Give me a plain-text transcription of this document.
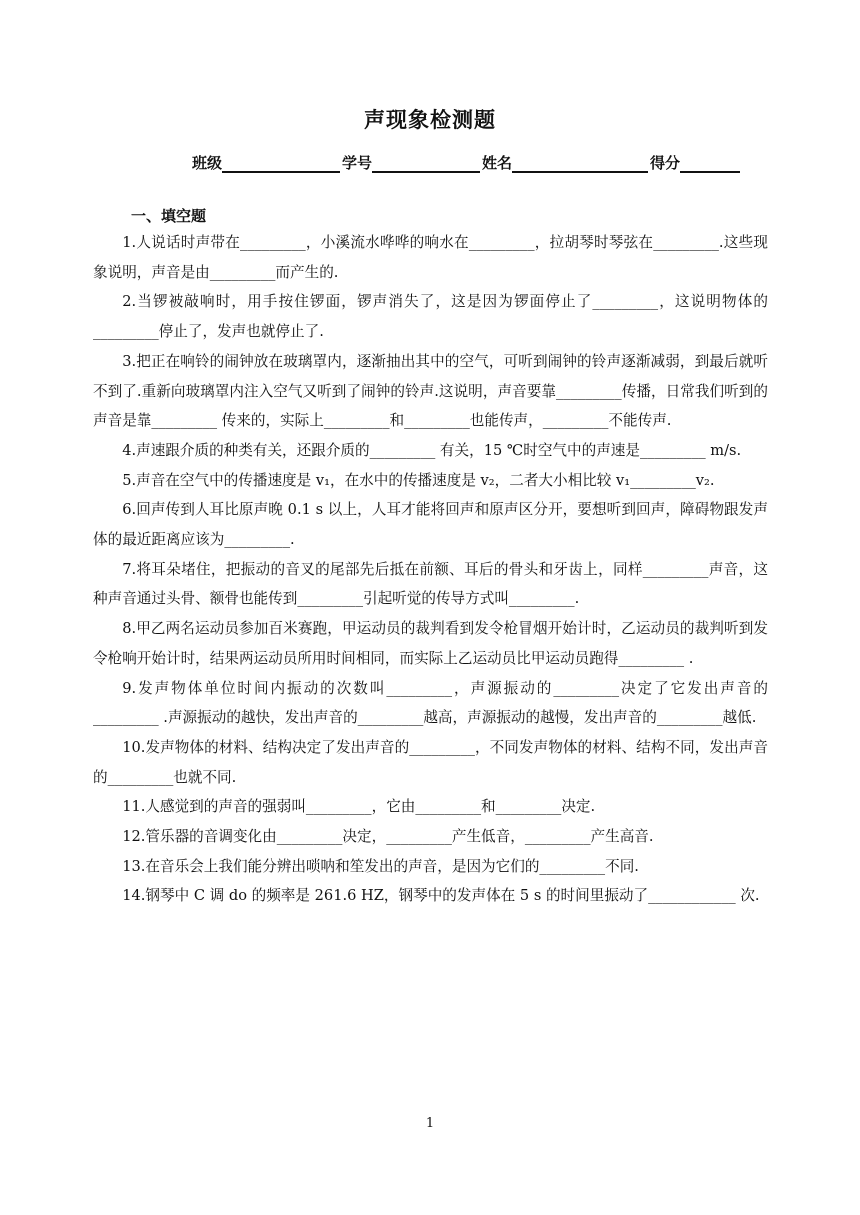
声现象检测题
班级	学号	姓名	得分
一、填空题

1.人说话时声带在_________，小溪流水哗哗的响水在_________，拉胡琴时琴弦在_________.这些现象说明，声音是由_________而产生的.

2.当锣被敲响时，用手按住锣面，锣声消失了，这是因为锣面停止了_________，这说明物体的_________停止了，发声也就停止了.

3.把正在响铃的闹钟放在玻璃罩内，逐渐抽出其中的空气，可听到闹钟的铃声逐渐减弱，到最后就听不到了.重新向玻璃罩内注入空气又听到了闹钟的铃声.这说明，声音要靠_________传播，日常我们听到的声音是靠_________ 传来的，实际上_________和_________也能传声，_________不能传声.

4.声速跟介质的种类有关，还跟介质的_________ 有关，15 ℃时空气中的声速是_________ m/s.

5.声音在空气中的传播速度是 v₁，在水中的传播速度是 v₂，二者大小相比较 v₁_________v₂.

6.回声传到人耳比原声晚 0.1 s 以上，人耳才能将回声和原声区分开，要想听到回声，障碍物跟发声体的最近距离应该为_________.

7.将耳朵堵住，把振动的音叉的尾部先后抵在前额、耳后的骨头和牙齿上，同样_________声音，这种声音通过头骨、额骨也能传到_________引起听觉的传导方式叫_________.

8.甲乙两名运动员参加百米赛跑，甲运动员的裁判看到发令枪冒烟开始计时，乙运动员的裁判听到发令枪响开始计时，结果两运动员所用时间相同，而实际上乙运动员比甲运动员跑得_________ .

9.发声物体单位时间内振动的次数叫_________，声源振动的_________决定了它发出声音的_________ .声源振动的越快，发出声音的_________越高，声源振动的越慢，发出声音的_________越低.

10.发声物体的材料、结构决定了发出声音的_________，不同发声物体的材料、结构不同，发出声音的_________也就不同.

11.人感觉到的声音的强弱叫_________，它由_________和_________决定.

12.管乐器的音调变化由_________决定，_________产生低音，_________产生高音.

13.在音乐会上我们能分辨出唢呐和笙发出的声音，是因为它们的_________不同.

14.钢琴中 C 调 do 的频率是 261.6 HZ，钢琴中的发声体在 5 s 的时间里振动了____________ 次.

1
